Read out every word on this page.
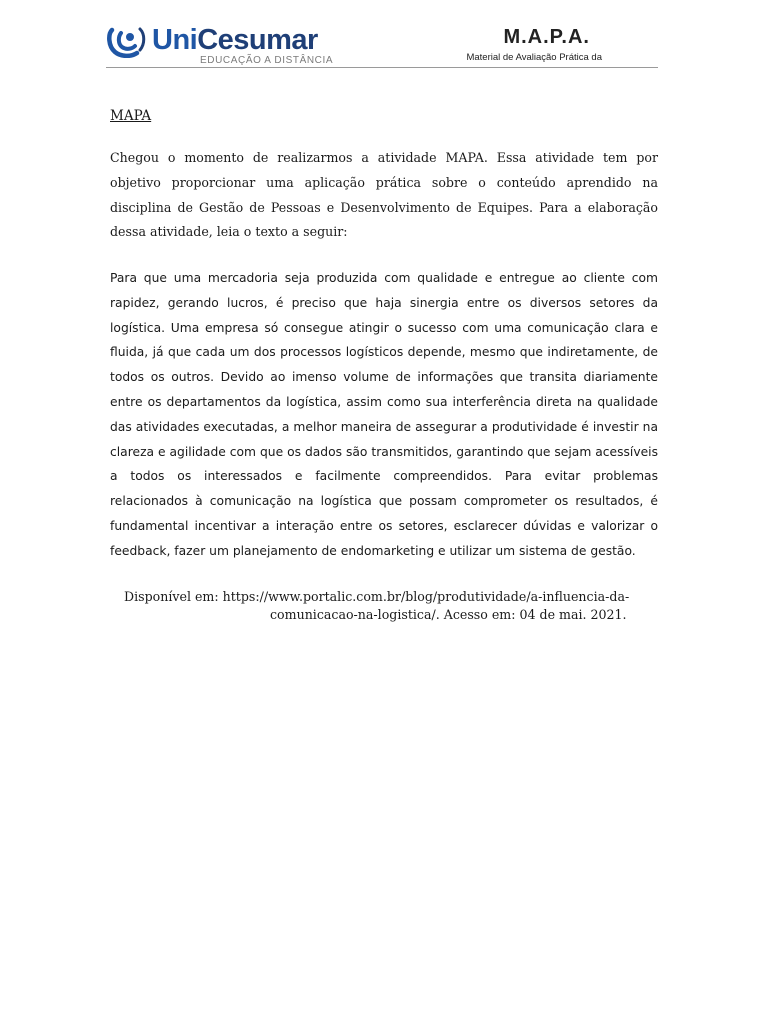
UniCesumar
EDUCAÇÃO A DISTÂNCIA
M.A.P.A.
Material de Avaliação Prática da
MAPA

Chegou o momento de realizarmos a atividade MAPA. Essa atividade tem por objetivo proporcionar uma aplicação prática sobre o conteúdo aprendido na disciplina de Gestão de Pessoas e Desenvolvimento de Equipes. Para a elaboração dessa atividade, leia o texto a seguir:

Para que uma mercadoria seja produzida com qualidade e entregue ao cliente com rapidez, gerando lucros, é preciso que haja sinergia entre os diversos setores da logística. Uma empresa só consegue atingir o sucesso com uma comunicação clara e fluida, já que cada um dos processos logísticos depende, mesmo que indiretamente, de todos os outros. Devido ao imenso volume de informações que transita diariamente entre os departamentos da logística, assim como sua interferência direta na qualidade das atividades executadas, a melhor maneira de assegurar a produtividade é investir na clareza e agilidade com que os dados são transmitidos, garantindo que sejam acessíveis a todos os interessados e facilmente compreendidos. Para evitar problemas relacionados à comunicação na logística que possam comprometer os resultados, é fundamental incentivar a interação entre os setores, esclarecer dúvidas e valorizar o feedback, fazer um planejamento de endomarketing e utilizar um sistema de gestão.

Disponível em: https://www.portalic.com.br/blog/produtividade/a-influencia-da-
comunicacao-na-logistica/. Acesso em: 04 de mai. 2021.
